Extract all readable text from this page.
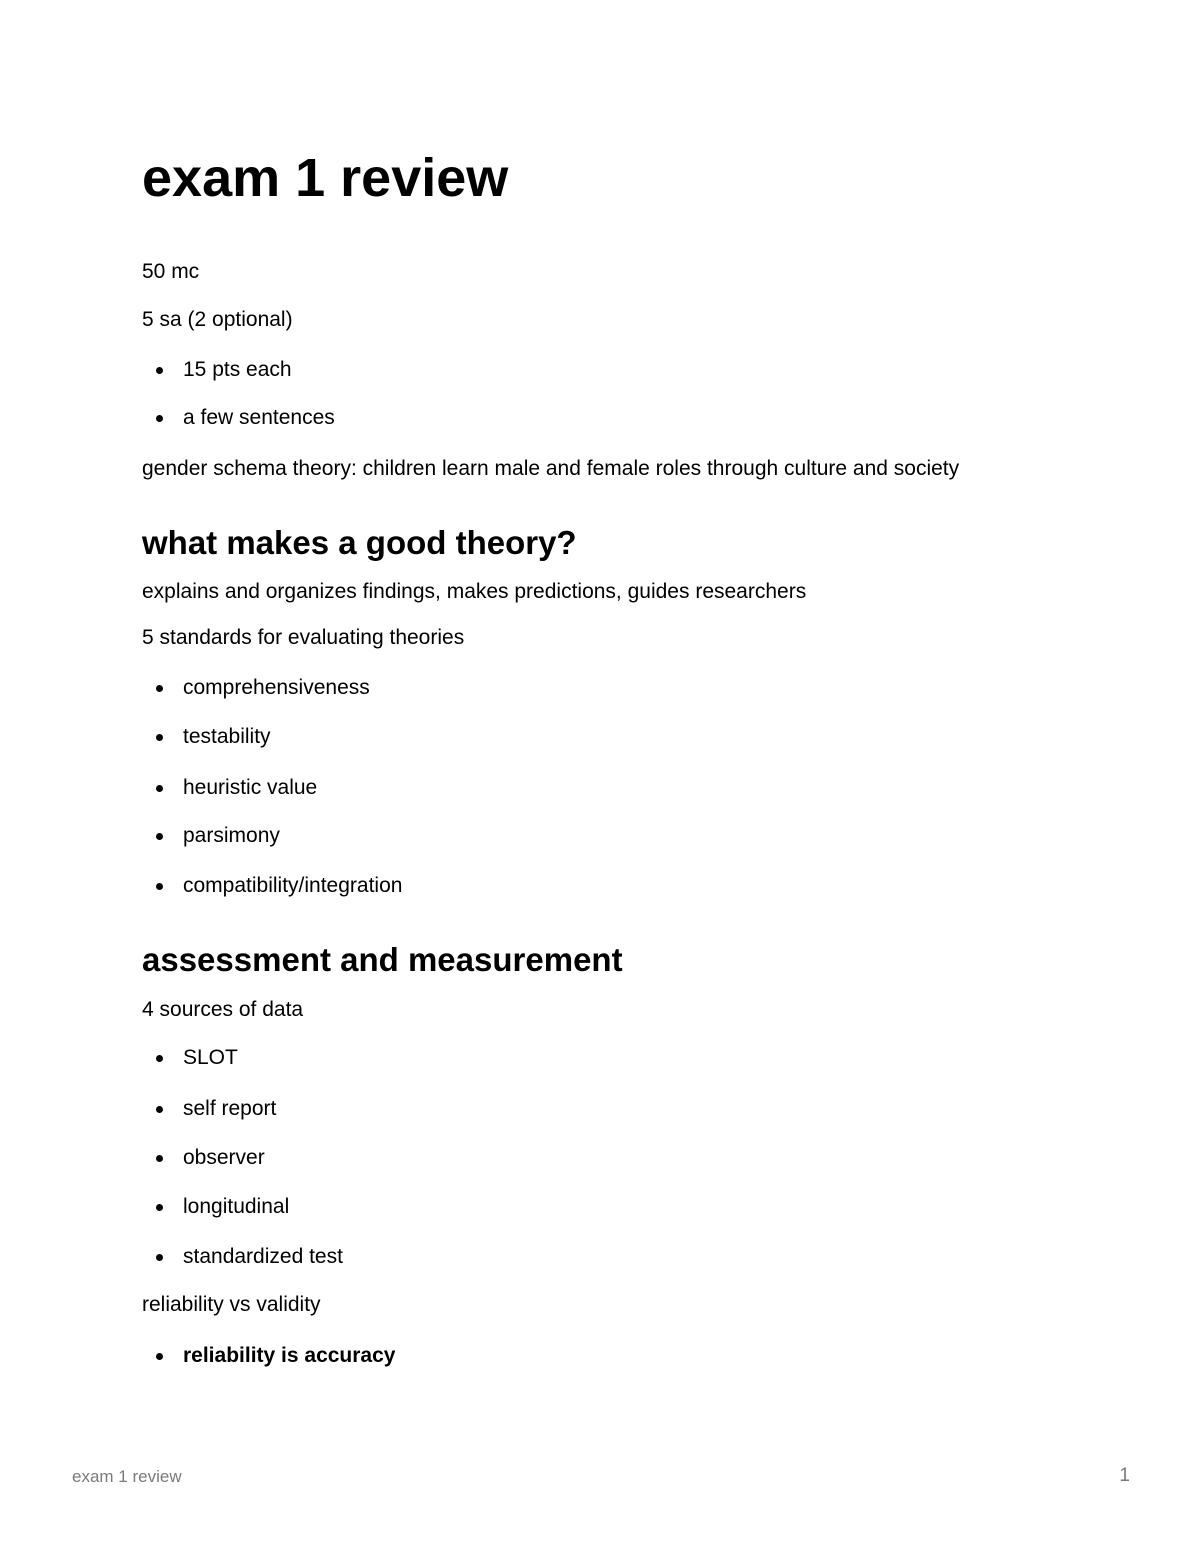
exam 1 review
50 mc
5 sa (2 optional)
15 pts each
a few sentences
gender schema theory: children learn male and female roles through culture and society
what makes a good theory?
explains and organizes findings, makes predictions, guides researchers
5 standards for evaluating theories
comprehensiveness
testability
heuristic value
parsimony
compatibility/integration
assessment and measurement
4 sources of data
SLOT
self report
observer
longitudinal
standardized test
reliability vs validity
reliability is accuracy
exam 1 review	1
